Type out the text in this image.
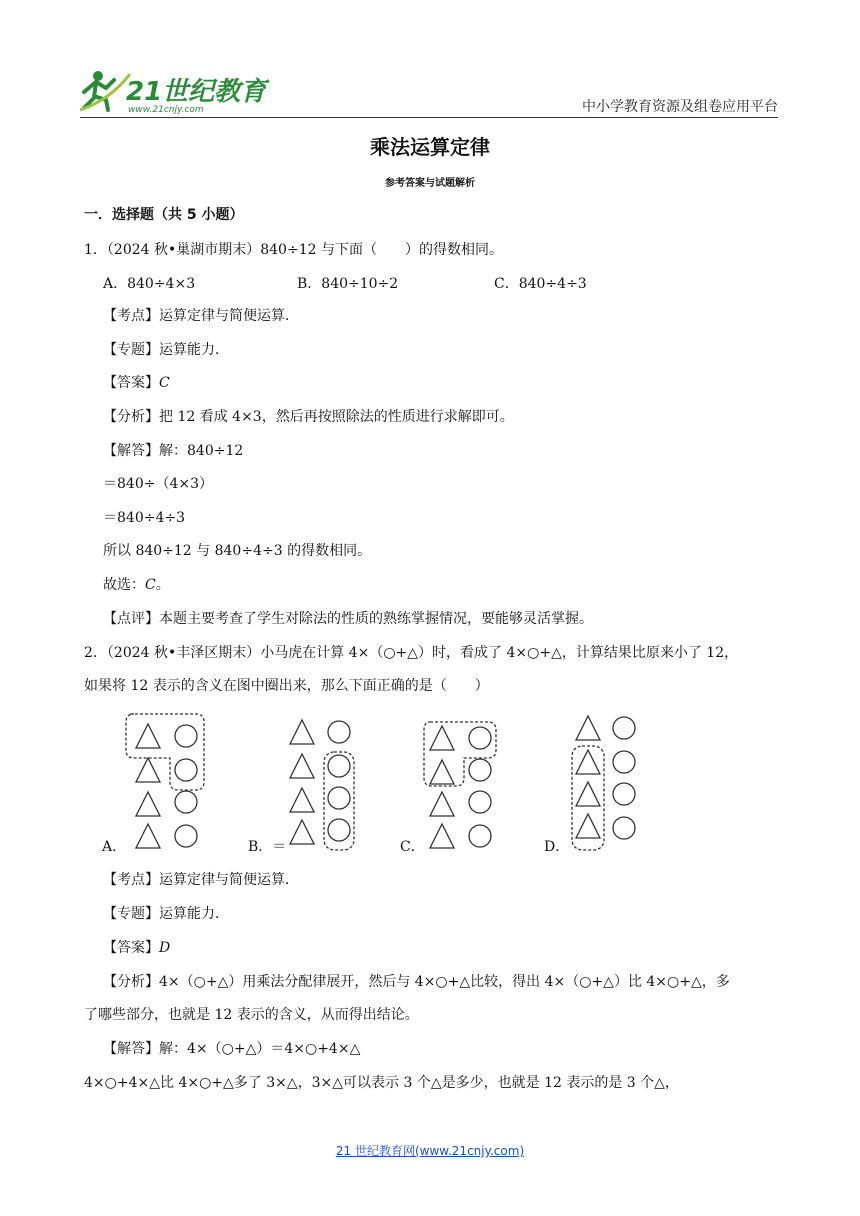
21世纪教育
www.21cnjy.com	中小学教育资源及组卷应用平台
乘法运算定律
参考答案与试题解析
一．选择题（共 5 小题）
1．（2024 秋•巢湖市期末）840÷12 与下面（　　）的得数相同。
A．840÷4×3	B．840÷10÷2	C．840÷4÷3
【考点】运算定律与简便运算．
【专题】运算能力．
【答案】C
【分析】把 12 看成 4×3，然后再按照除法的性质进行求解即可。
【解答】解：840÷12
＝840÷（4×3）
＝840÷4÷3
所以 840÷12 与 840÷4÷3 的得数相同。
故选：C。
【点评】本题主要考查了学生对除法的性质的熟练掌握情况，要能够灵活掌握。
2．（2024 秋•丰泽区期末）小马虎在计算 4×（○+△）时，看成了 4×○+△，计算结果比原来小了 12，
如果将 12 表示的含义在图中圈出来，那么下面正确的是（　　）
A．	B．＝	C．	D．
【考点】运算定律与简便运算．
【专题】运算能力．
【答案】D
【分析】4×（○+△）用乘法分配律展开，然后与 4×○+△比较，得出 4×（○+△）比 4×○+△，多
了哪些部分，也就是 12 表示的含义，从而得出结论。
【解答】解：4×（○+△）＝4×○+4×△
4×○+4×△比 4×○+△多了 3×△，3×△可以表示 3 个△是多少，也就是 12 表示的是 3 个△，
21 世纪教育网(www.21cnjy.com)
